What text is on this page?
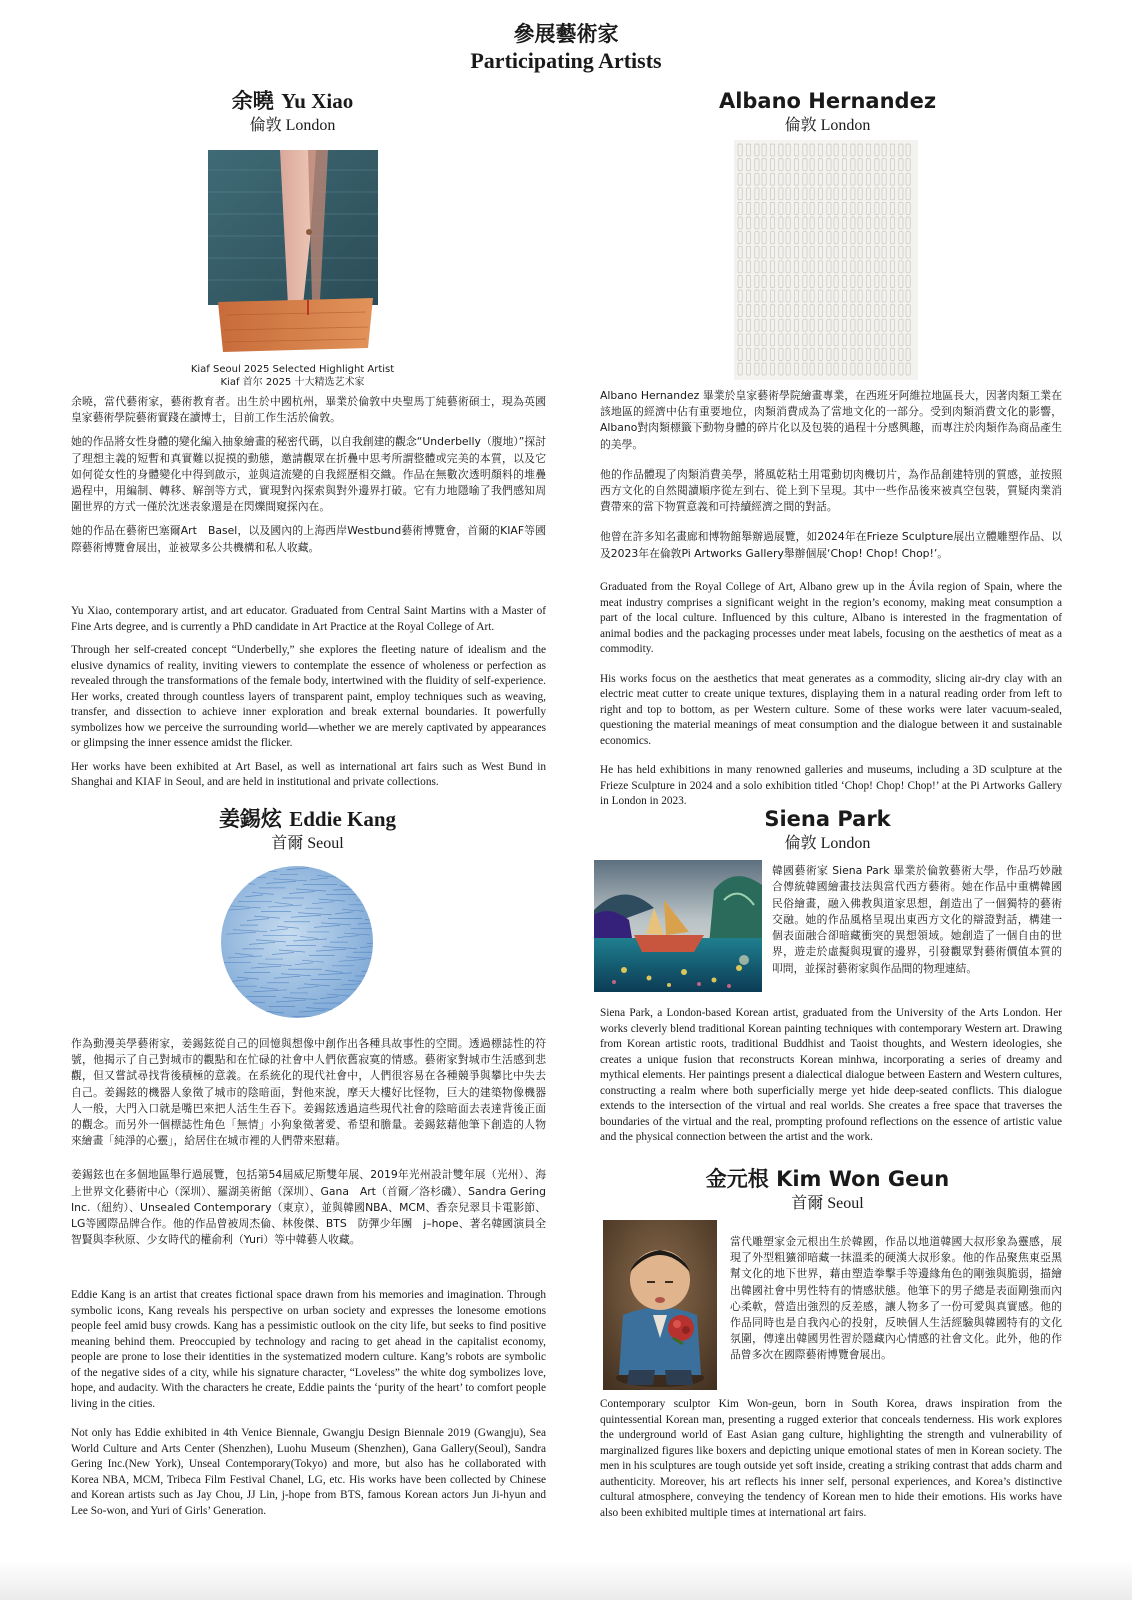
參展藝術家
Participating Artists
余曉 Yu Xiao
倫敦 London
Kiaf Seoul 2025 Selected Highlight Artist
Kiaf 首尔 2025 十大精选艺术家

余曉，當代藝術家，藝術教育者。出生於中國杭州，畢業於倫敦中央聖馬丁純藝術碩士，現為英國皇家藝術學院藝術實踐在讀博士，目前工作生活於倫敦。

她的作品將女性身體的變化編入抽象繪畫的秘密代碼，以自我創建的觀念“Underbelly（腹地）”探討了理想主義的短暫和真實難以捉摸的動態，邀請觀眾在折疊中思考所謂整體或完美的本質，以及它如何從女性的身體變化中得到啟示，並與這流變的自我經歷相交織。作品在無數次透明顏料的堆疊過程中，用編制、轉移、解剖等方式，實現對內探索與對外邊界打破。它有力地隱喻了我們感知周圍世界的方式一僅於沈迷表象還是在閃爍間窺探內在。

她的作品在藝術巴塞爾Art　Basel，以及國內的上海西岸Westbund藝術博覽會，首爾的KIAF等國際藝術博覽會展出，並被眾多公共機構和私人收藏。

Yu Xiao, contemporary artist, and art educator. Graduated from Central Saint Martins with a Master of Fine Arts degree, and is currently a PhD candidate in Art Practice at the Royal College of Art.

Through her self-created concept “Underbelly,” she explores the fleeting nature of idealism and the elusive dynamics of reality, inviting viewers to contemplate the essence of wholeness or perfection as revealed through the transformations of the female body, intertwined with the fluidity of self-experience. Her works, created through countless layers of transparent paint, employ techniques such as weaving, transfer, and dissection to achieve inner exploration and break external boundaries. It powerfully symbolizes how we perceive the surrounding world—whether we are merely captivated by appearances or glimpsing the inner essence amidst the flicker.

Her works have been exhibited at Art Basel, as well as international art fairs such as West Bund in Shanghai and KIAF in Seoul, and are held in institutional and private collections.

Albano Hernandez
倫敦 London

Albano Hernandez 畢業於皇家藝術學院繪畫專業，在西班牙阿維拉地區長大，因著肉類工業在該地區的經濟中佔有重要地位，肉類消費成為了當地文化的一部分。受到肉類消費文化的影響，Albano對肉類標籤下動物身體的碎片化以及包裝的過程十分感興趣，而專注於肉類作為商品產生的美學。

他的作品體現了肉類消費美學，將風乾粘土用電動切肉機切片，為作品創建特別的質感，並按照西方文化的自然閱讀順序從左到右、從上到下呈現。其中一些作品後來被真空包裝，質疑肉業消費帶來的當下物質意義和可持續經濟之間的對話。

他曾在許多知名畫廊和博物館舉辦過展覽，如2024年在Frieze Sculpture展出立體雕塑作品、以及2023年在倫敦Pi Artworks Gallery舉辦個展‘Chop! Chop! Chop!’。

Graduated from the Royal College of Art, Albano grew up in the Ávila region of Spain, where the meat industry comprises a significant weight in the region’s economy, making meat consumption a part of the local culture. Influenced by this culture, Albano is interested in the fragmentation of animal bodies and the packaging processes under meat labels, focusing on the aesthetics of meat as a commodity.

His works focus on the aesthetics that meat generates as a commodity, slicing air-dry clay with an electric meat cutter to create unique textures, displaying them in a natural reading order from left to right and top to bottom, as per Western culture. Some of these works were later vacuum-sealed, questioning the material meanings of meat consumption and the dialogue between it and sustainable economics.

He has held exhibitions in many renowned galleries and museums, including a 3D sculpture at the Frieze Sculpture in 2024 and a solo exhibition titled ‘Chop! Chop! Chop!’ at the Pi Artworks Gallery in London in 2023.

姜錫炫 Eddie Kang
首爾 Seoul

作為動漫美學藝術家，姜錫鉉從自己的回憶與想像中創作出各種具故事性的空間。透過標誌性的符號，他揭示了自己對城市的觀點和在忙碌的社會中人們依舊寂寞的情感。藝術家對城市生活感到悲觀，但又嘗試尋找背後積極的意義。在系統化的現代社會中，人們很容易在各種競爭與攀比中失去自己。姜錫鉉的機器人象徵了城市的陰暗面，對他來說，摩天大樓好比怪物，巨大的建築物像機器人一般，大門入口就是嘴巴來把人活生生吞下。姜錫鉉透過這些現代社會的陰暗面去表達背後正面的觀念。而另外一個標誌性角色「無情」小狗象徵著愛、希望和膽量。姜錫鉉藉他筆下創造的人物來繪畫「純淨的心靈」，給居住在城市裡的人們帶來慰藉。

姜錫鉉也在多個地區舉行過展覽，包括第54屆威尼斯雙年展、2019年光州設計雙年展（光州）、海上世界文化藝術中心（深圳）、羅湖美術館（深圳）、Gana　Art（首爾／洛杉磯）、Sandra Gering Inc.（紐約）、Unsealed Contemporary（東京），並與韓國NBA、MCM、香奈兒翠貝卡電影節、LG等國際品牌合作。他的作品曾被周杰倫、林俊傑、BTS　防彈少年團　j–hope、著名韓國演員全智賢與李秋原、少女時代的權俞利（Yuri）等中韓藝人收藏。

Eddie Kang is an artist that creates fictional space drawn from his memories and imagination. Through symbolic icons, Kang reveals his perspective on urban society and expresses the lonesome emotions people feel amid busy crowds. Kang has a pessimistic outlook on the city life, but seeks to find positive meaning behind them. Preoccupied by technology and racing to get ahead in the capitalist economy, people are prone to lose their identities in the systematized modern culture. Kang’s robots are symbolic of the negative sides of a city, while his signature character, “Loveless” the white dog symbolizes love, hope, and audacity. With the characters he create, Eddie paints the ‘purity of the heart’ to comfort people living in the cities.

Not only has Eddie exhibited in 4th Venice Biennale, Gwangju Design Biennale 2019 (Gwangju), Sea World Culture and Arts Center (Shenzhen), Luohu Museum (Shenzhen), Gana Gallery(Seoul), Sandra Gering Inc.(New York), Unseal Contemporary(Tokyo) and more, but also has he collaborated with Korea NBA, MCM, Tribeca Film Festival Chanel, LG, etc. His works have been collected by Chinese and Korean artists such as Jay Chou, JJ Lin, j-hope from BTS, famous Korean actors Jun Ji-hyun and Lee So-won, and Yuri of Girls’ Generation.

Siena Park
倫敦 London

韓國藝術家 Siena Park 畢業於倫敦藝術大學，作品巧妙融合傳統韓國繪畫技法與當代西方藝術。她在作品中重構韓國民俗繪畫，融入佛教與道家思想，創造出了一個獨特的藝術交融。她的作品風格呈現出東西方文化的辯證對話，構建一個表面融合卻暗藏衝突的異想領域。她創造了一個自由的世界，遊走於虛擬與現實的邊界，引發觀眾對藝術價值本質的叩問，並探討藝術家與作品間的物理連結。

Siena Park, a London-based Korean artist, graduated from the University of the Arts London. Her works cleverly blend traditional Korean painting techniques with contemporary Western art. Drawing from Korean artistic roots, traditional Buddhist and Taoist thoughts, and Western ideologies, she creates a unique fusion that reconstructs Korean minhwa, incorporating a series of dreamy and mythical elements. Her paintings present a dialectical dialogue between Eastern and Western cultures, constructing a realm where both superficially merge yet hide deep-seated conflicts. This dialogue extends to the intersection of the virtual and real worlds. She creates a free space that traverses the boundaries of the virtual and the real, prompting profound reflections on the essence of artistic value and the physical connection between the artist and the work.

金元根 Kim Won Geun
首爾 Seoul

當代雕塑家金元根出生於韓國，作品以地道韓國大叔形象為靈感，展現了外型粗獷卻暗藏一抹溫柔的硬漢大叔形象。他的作品聚焦東亞黑幫文化的地下世界，藉由塑造拳擊手等邊緣角色的剛強與脆弱，描繪出韓國社會中男性特有的情感狀態。他筆下的男子總是表面剛強而內心柔軟，營造出強烈的反差感，讓人物多了一份可愛與真實感。他的作品同時也是自我內心的投射，反映個人生活經驗與韓國特有的文化氛圍，傳達出韓國男性習於隱藏內心情感的社會文化。此外，他的作品曾多次在國際藝術博覽會展出。

Contemporary sculptor Kim Won-geun, born in South Korea, draws inspiration from the quintessential Korean man, presenting a rugged exterior that conceals tenderness. His work explores the underground world of East Asian gang culture, highlighting the strength and vulnerability of marginalized figures like boxers and depicting unique emotional states of men in Korean society. The men in his sculptures are tough outside yet soft inside, creating a striking contrast that adds charm and authenticity. Moreover, his art reflects his inner self, personal experiences, and Korea’s distinctive cultural atmosphere, conveying the tendency of Korean men to hide their emotions. His works have also been exhibited multiple times at international art fairs.
